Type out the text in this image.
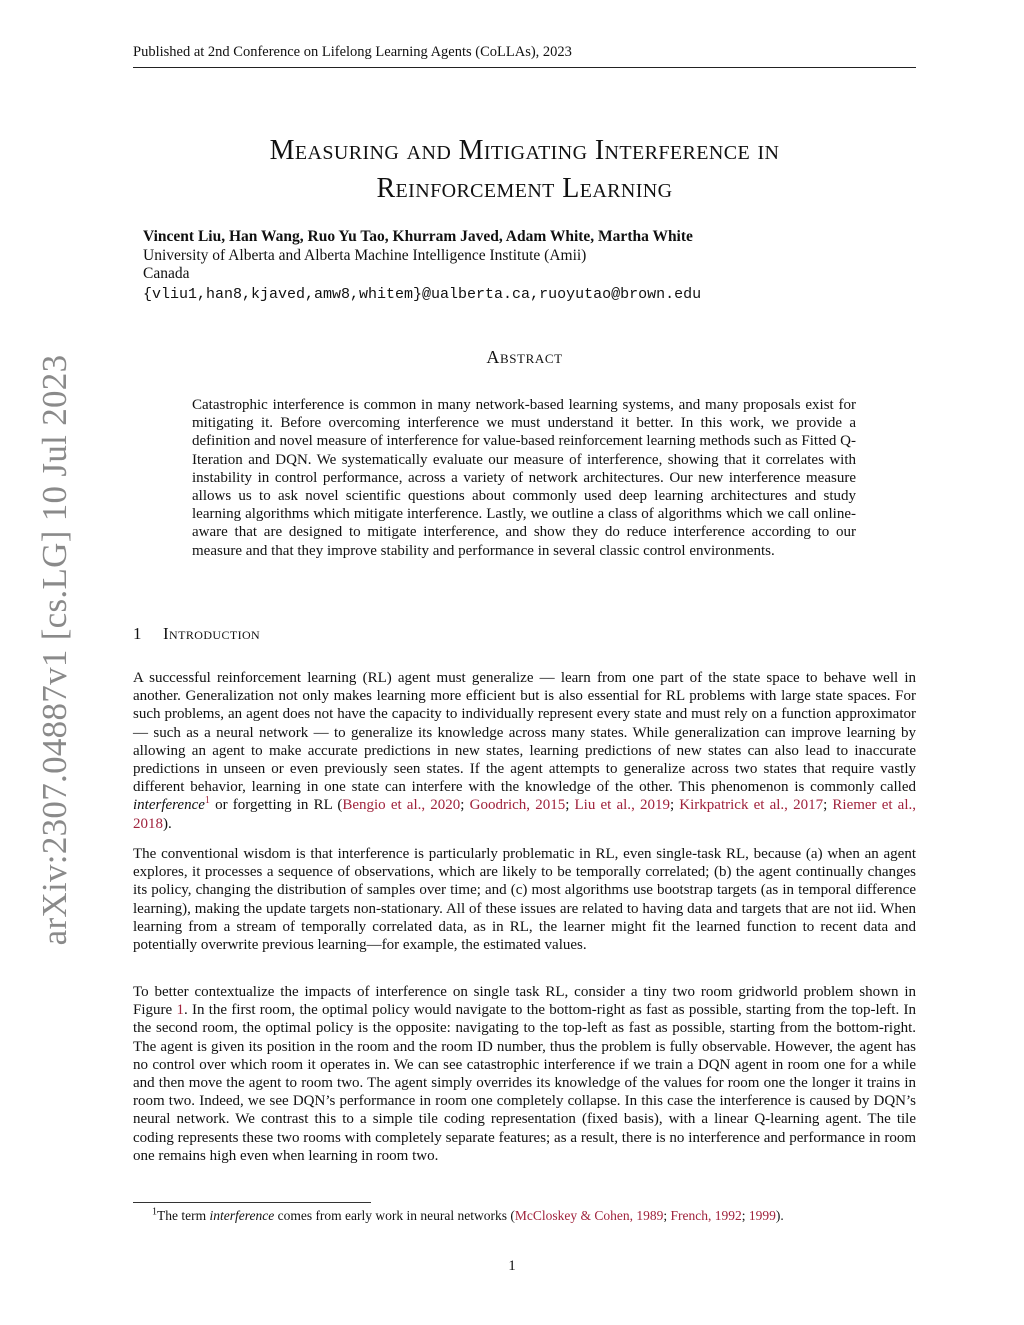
Published at 2nd Conference on Lifelong Learning Agents (CoLLAs), 2023
arXiv:2307.04887v1 [cs.LG] 10 Jul 2023
Measuring and Mitigating Interference in
Reinforcement Learning
Vincent Liu, Han Wang, Ruo Yu Tao, Khurram Javed, Adam White, Martha White
University of Alberta and Alberta Machine Intelligence Institute (Amii)
Canada
{vliu1,han8,kjaved,amw8,whitem}@ualberta.ca,ruoyutao@brown.edu
Abstract
Catastrophic interference is common in many network-based learning systems, and many proposals exist for mitigating it. Before overcoming interference we must understand it better. In this work, we provide a definition and novel measure of interference for value-based reinforcement learning methods such as Fitted Q-Iteration and DQN. We systematically evaluate our measure of interference, showing that it correlates with instability in control performance, across a variety of network architectures. Our new interference measure allows us to ask novel scientific questions about commonly used deep learning architectures and study learning algorithms which mitigate interference. Lastly, we outline a class of algorithms which we call online-aware that are designed to mitigate interference, and show they do reduce interference according to our measure and that they improve stability and performance in several classic control environments.
1 Introduction

A successful reinforcement learning (RL) agent must generalize — learn from one part of the state space to behave well in another. Generalization not only makes learning more efficient but is also essential for RL problems with large state spaces. For such problems, an agent does not have the capacity to individually represent every state and must rely on a function approximator — such as a neural network — to generalize its knowledge across many states. While generalization can improve learning by allowing an agent to make accurate predictions in new states, learning predictions of new states can also lead to inaccurate predictions in unseen or even previously seen states. If the agent attempts to generalize across two states that require vastly different behavior, learning in one state can interfere with the knowledge of the other. This phenomenon is commonly called interference$^1$ or forgetting in RL (Bengio et al., 2020; Goodrich, 2015; Liu et al., 2019; Kirkpatrick et al., 2017; Riemer et al., 2018).

The conventional wisdom is that interference is particularly problematic in RL, even single-task RL, because (a) when an agent explores, it processes a sequence of observations, which are likely to be temporally correlated; (b) the agent continually changes its policy, changing the distribution of samples over time; and (c) most algorithms use bootstrap targets (as in temporal difference learning), making the update targets non-stationary. All of these issues are related to having data and targets that are not iid. When learning from a stream of temporally correlated data, as in RL, the learner might fit the learned function to recent data and potentially overwrite previous learning—for example, the estimated values.

To better contextualize the impacts of interference on single task RL, consider a tiny two room gridworld problem shown in Figure 1. In the first room, the optimal policy would navigate to the bottom-right as fast as possible, starting from the top-left. In the second room, the optimal policy is the opposite: navigating to the top-left as fast as possible, starting from the bottom-right. The agent is given its position in the room and the room ID number, thus the problem is fully observable. However, the agent has no control over which room it operates in. We can see catastrophic interference if we train a DQN agent in room one for a while and then move the agent to room two. The agent simply overrides its knowledge of the values for room one the longer it trains in room two. Indeed, we see DQN’s performance in room one completely collapse. In this case the interference is caused by DQN’s neural network. We contrast this to a simple tile coding representation (fixed basis), with a linear Q-learning agent. The tile coding represents these two rooms with completely separate features; as a result, there is no interference and performance in room one remains high even when learning in room two.

$^1$The term interference comes from early work in neural networks (McCloskey & Cohen, 1989; French, 1992; 1999).
1
